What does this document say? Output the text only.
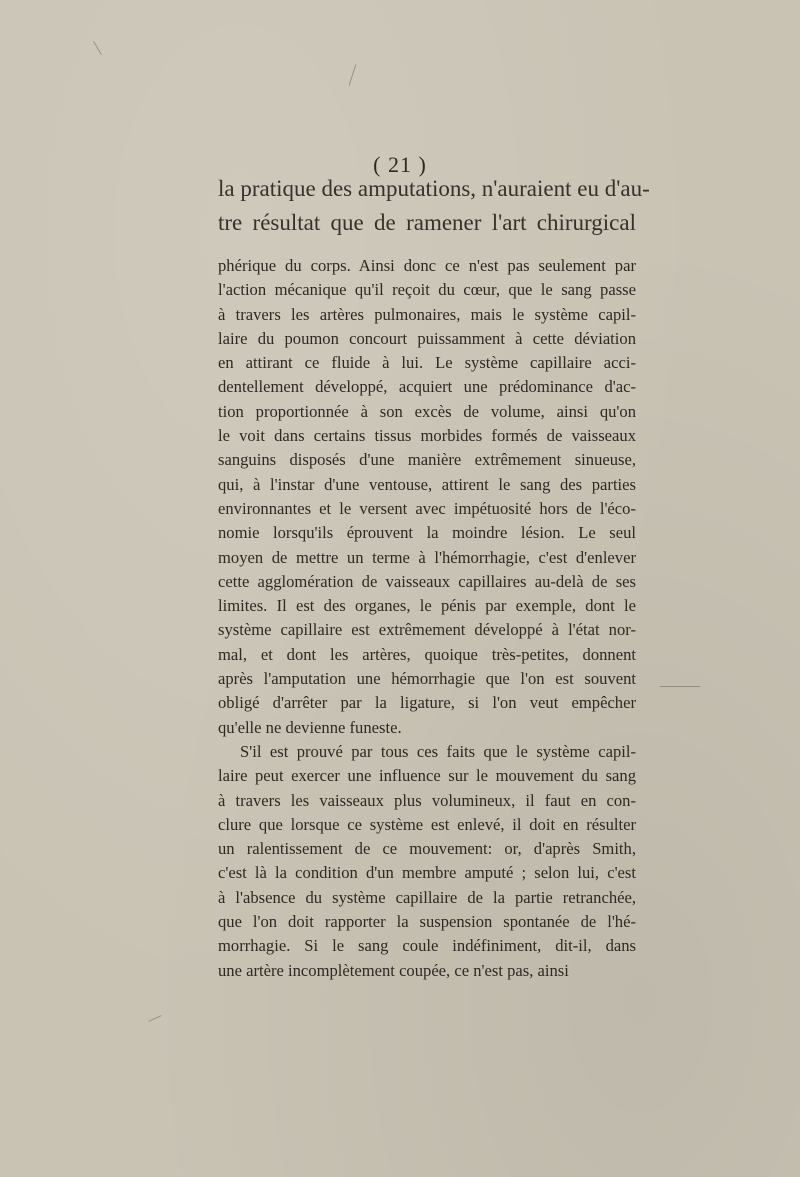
( 21 )
la pratique des amputations, n'auraient eu d'au-
tre résultat que de ramener l'art chirurgical
phérique du corps. Ainsi donc ce n'est pas seulement par
l'action mécanique qu'il reçoit du cœur, que le sang passe
à travers les artères pulmonaires, mais le système capil-
laire du poumon concourt puissamment à cette déviation
en attirant ce fluide à lui. Le système capillaire acci-
dentellement développé, acquiert une prédominance d'ac-
tion proportionnée à son excès de volume, ainsi qu'on
le voit dans certains tissus morbides formés de vaisseaux
sanguins disposés d'une manière extrêmement sinueuse,
qui, à l'instar d'une ventouse, attirent le sang des parties
environnantes et le versent avec impétuosité hors de l'éco-
nomie lorsqu'ils éprouvent la moindre lésion. Le seul
moyen de mettre un terme à l'hémorrhagie, c'est d'enlever
cette agglomération de vaisseaux capillaires au-delà de ses
limites. Il est des organes, le pénis par exemple, dont le
système capillaire est extrêmement développé à l'état nor-
mal, et dont les artères, quoique très-petites, donnent
après l'amputation une hémorrhagie que l'on est souvent
obligé d'arrêter par la ligature, si l'on veut empêcher
qu'elle ne devienne funeste.
S'il est prouvé par tous ces faits que le système capil-
laire peut exercer une influence sur le mouvement du sang
à travers les vaisseaux plus volumineux, il faut en con-
clure que lorsque ce système est enlevé, il doit en résulter
un ralentissement de ce mouvement: or, d'après Smith,
c'est là la condition d'un membre amputé ; selon lui, c'est
à l'absence du système capillaire de la partie retranchée,
que l'on doit rapporter la suspension spontanée de l'hé-
morrhagie. Si le sang coule indéfiniment, dit-il, dans
une artère incomplètement coupée, ce n'est pas, ainsi
